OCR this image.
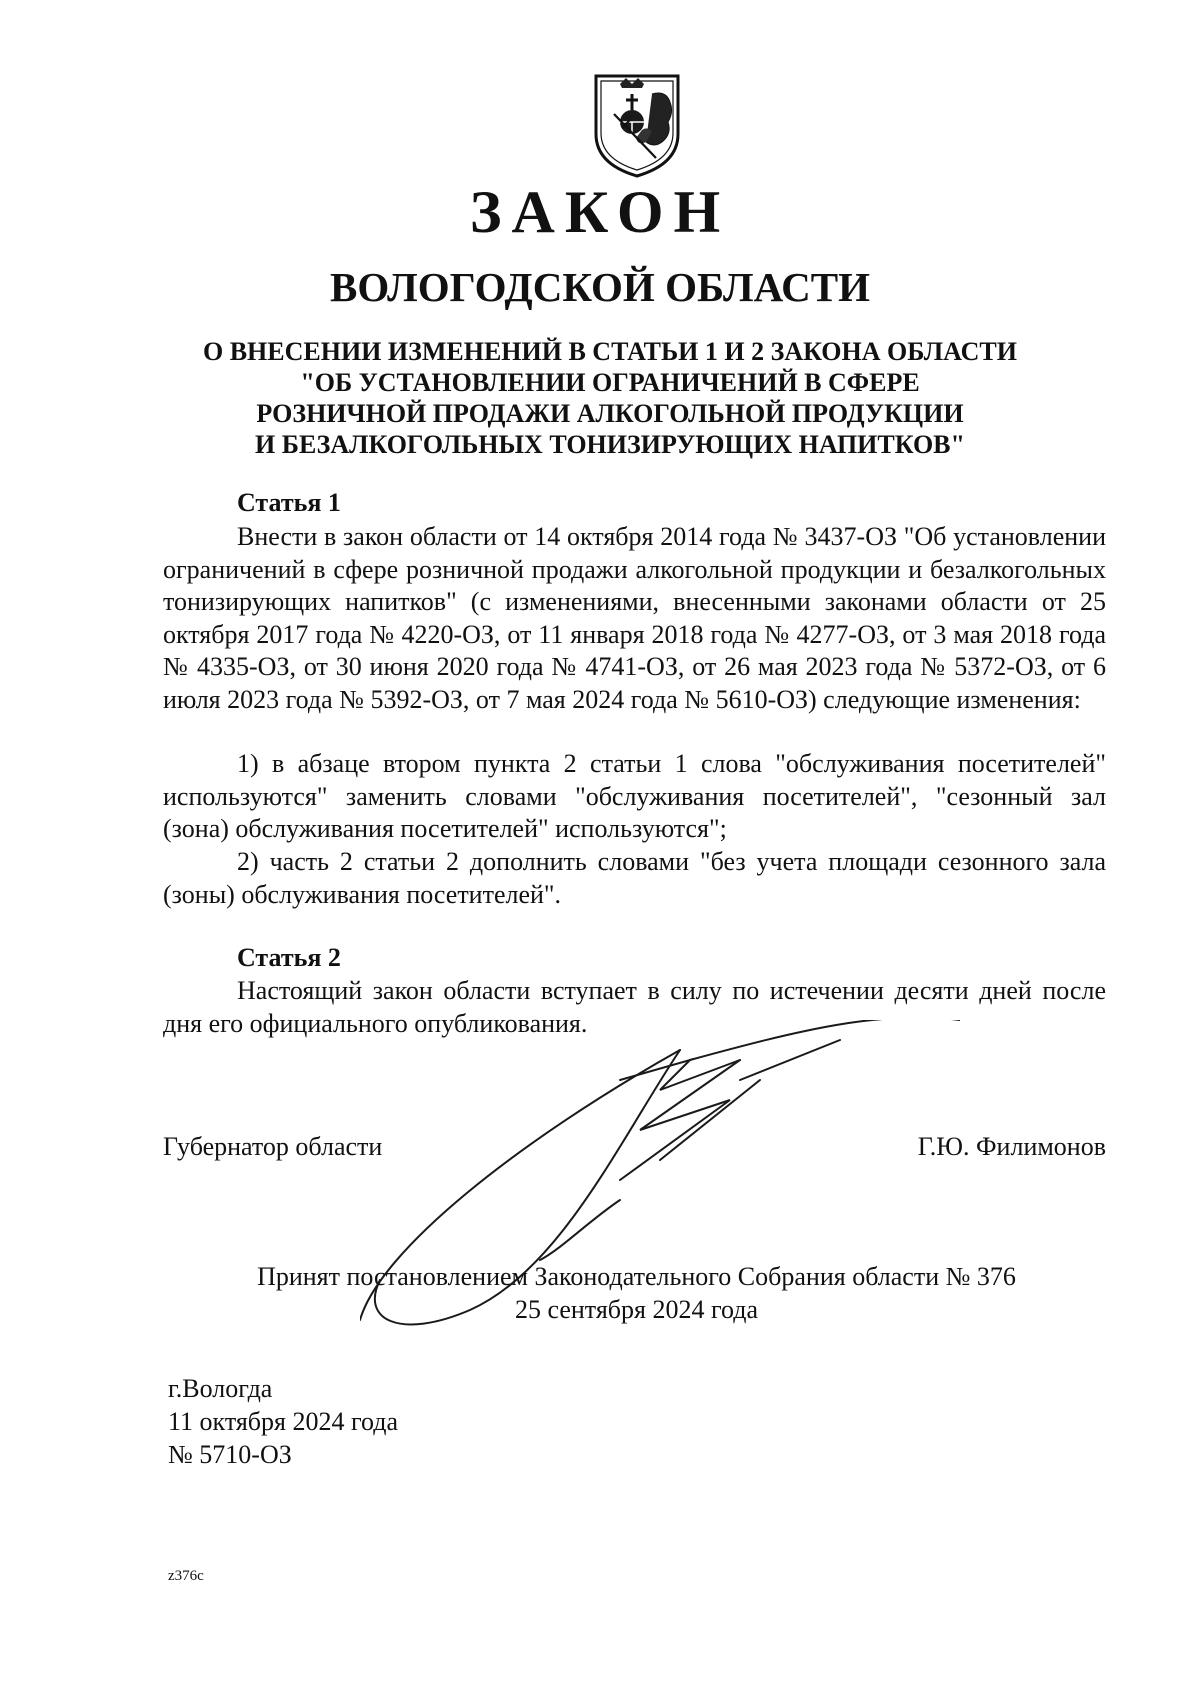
ЗАКОН
ВОЛОГОДСКОЙ ОБЛАСТИ
О ВНЕСЕНИИ ИЗМЕНЕНИЙ В СТАТЬИ 1 И 2 ЗАКОНА ОБЛАСТИ
"ОБ УСТАНОВЛЕНИИ ОГРАНИЧЕНИЙ В СФЕРЕ
РОЗНИЧНОЙ ПРОДАЖИ АЛКОГОЛЬНОЙ ПРОДУКЦИИ
И БЕЗАЛКОГОЛЬНЫХ ТОНИЗИРУЮЩИХ НАПИТКОВ"
Статья 1

Внести в закон области от 14 октября 2014 года № 3437-ОЗ "Об установлении ограничений в сфере розничной продажи алкогольной продукции и безалкогольных тонизирующих напитков" (с изменениями, внесенными законами области от 25 октября 2017 года № 4220-ОЗ, от 11 января 2018 года № 4277-ОЗ, от 3 мая 2018 года № 4335-ОЗ, от 30 июня 2020 года № 4741-ОЗ, от 26 мая 2023 года № 5372-ОЗ, от 6 июля 2023 года № 5392-ОЗ, от 7 мая 2024 года № 5610-ОЗ) следующие изменения:

1) в абзаце втором пункта 2 статьи 1 слова "обслуживания посетителей" используются" заменить словами "обслуживания посетителей", "сезонный зал (зона) обслуживания посетителей" используются";

2) часть 2 статьи 2 дополнить словами "без учета площади сезонного зала (зоны) обслуживания посетителей".

Статья 2

Настоящий закон области вступает в силу по истечении десяти дней после дня его официального опубликования.

Губернатор области	Г.Ю. Филимонов
Принят постановлением Законодательного Собрания области № 376
25 сентября 2024 года
г.Вологда
11 октября 2024 года
№ 5710-ОЗ
z376c
